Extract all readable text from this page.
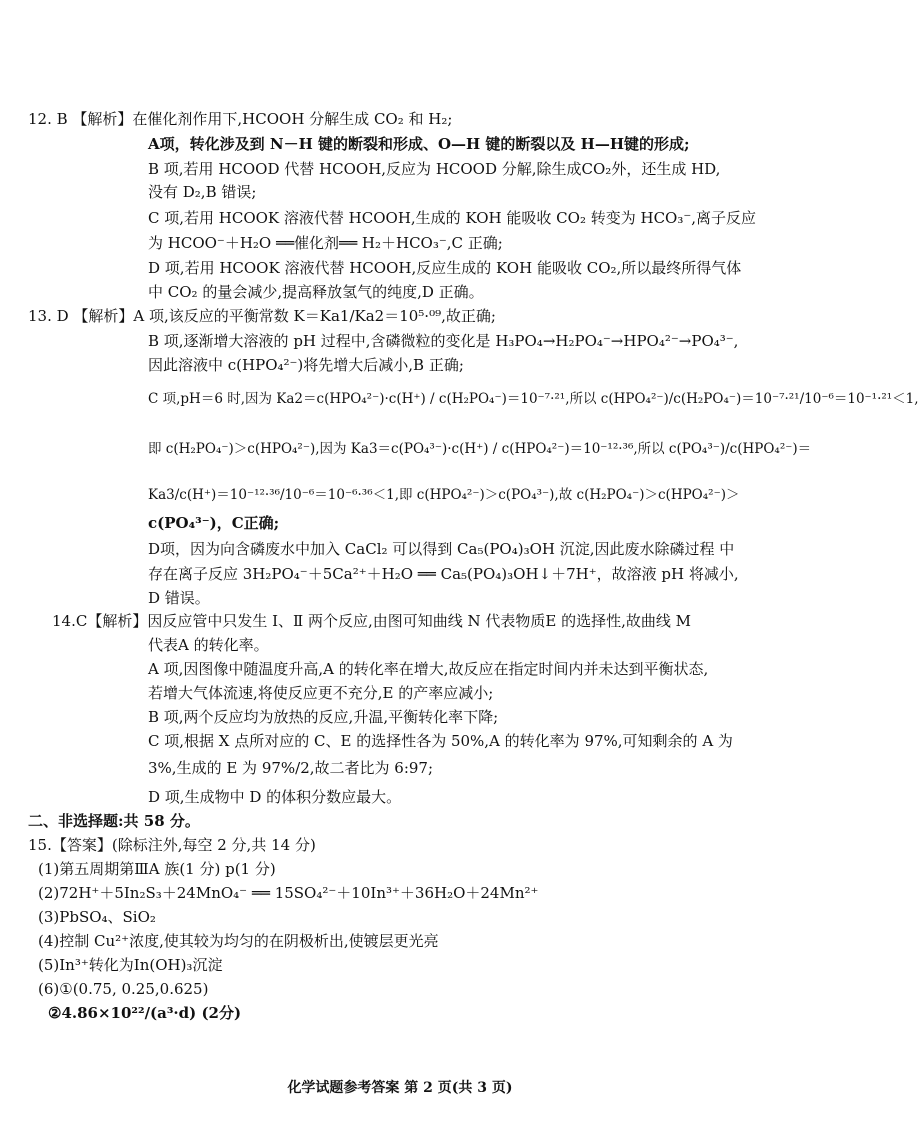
12. B 【解析】在催化剂作用下,HCOOH 分解生成 CO₂ 和 H₂;
A项，转化涉及到 N－H 键的断裂和形成、O—H 键的断裂以及 H—H键的形成;
B 项,若用 HCOOD 代替 HCOOH,反应为 HCOOD 分解,除生成CO₂外，还生成 HD,
没有 D₂,B 错误;
C 项,若用 HCOOK 溶液代替 HCOOH,生成的 KOH 能吸收 CO₂ 转变为 HCO₃⁻,离子反应
为 HCOO⁻＋H₂O ══催化剂══ H₂＋HCO₃⁻,C 正确;
D 项,若用 HCOOK 溶液代替 HCOOH,反应生成的 KOH 能吸收 CO₂,所以最终所得气体
中 CO₂ 的量会减少,提高释放氢气的纯度,D 正确。
13. D 【解析】A 项,该反应的平衡常数 K＝Ka1/Ka2＝10⁵·⁰⁹,故正确;
B 项,逐渐增大溶液的 pH 过程中,含磷微粒的变化是 H₃PO₄→H₂PO₄⁻→HPO₄²⁻→PO₄³⁻,
因此溶液中 c(HPO₄²⁻)将先增大后减小,B 正确;
C 项,pH＝6 时,因为 Ka2＝c(HPO₄²⁻)·c(H⁺) / c(H₂PO₄⁻)＝10⁻⁷·²¹,所以 c(HPO₄²⁻)/c(H₂PO₄⁻)＝10⁻⁷·²¹/10⁻⁶＝10⁻¹·²¹＜1,
即 c(H₂PO₄⁻)＞c(HPO₄²⁻),因为 Ka3＝c(PO₄³⁻)·c(H⁺) / c(HPO₄²⁻)＝10⁻¹²·³⁶,所以 c(PO₄³⁻)/c(HPO₄²⁻)＝
Ka3/c(H⁺)＝10⁻¹²·³⁶/10⁻⁶＝10⁻⁶·³⁶＜1,即 c(HPO₄²⁻)＞c(PO₄³⁻),故 c(H₂PO₄⁻)＞c(HPO₄²⁻)＞
c(PO₄³⁻)，C正确;
D项，因为向含磷废水中加入 CaCl₂ 可以得到 Ca₅(PO₄)₃OH 沉淀,因此废水除磷过程 中
存在离子反应 3H₂PO₄⁻＋5Ca²⁺＋H₂O ══ Ca₅(PO₄)₃OH↓＋7H⁺，故溶液 pH 将减小,
D 错误。
14.C【解析】因反应管中只发生 Ⅰ、Ⅱ 两个反应,由图可知曲线 N 代表物质E 的选择性,故曲线 M
代表A 的转化率。
A 项,因图像中随温度升高,A 的转化率在增大,故反应在指定时间内并未达到平衡状态,
若增大气体流速,将使反应更不充分,E 的产率应减小;
B 项,两个反应均为放热的反应,升温,平衡转化率下降;
C 项,根据 X 点所对应的 C、E 的选择性各为 50%,A 的转化率为 97%,可知剩余的 A 为
3%,生成的 E 为 97%/2,故二者比为 6:97;
D 项,生成物中 D 的体积分数应最大。
二、非选择题:共 58 分。
15.【答案】(除标注外,每空 2 分,共 14 分)
(1)第五周期第ⅢA 族(1 分) p(1 分)
(2)72H⁺＋5In₂S₃＋24MnO₄⁻ ══ 15SO₄²⁻＋10In³⁺＋36H₂O＋24Mn²⁺
(3)PbSO₄、SiO₂
(4)控制 Cu²⁺浓度,使其较为均匀的在阴极析出,使镀层更光亮
(5)In³⁺转化为In(OH)₃沉淀
(6)①(0.75, 0.25,0.625)
②4.86×10²²/(a³·d) (2分)
化学试题参考答案 第 2 页(共 3 页)
